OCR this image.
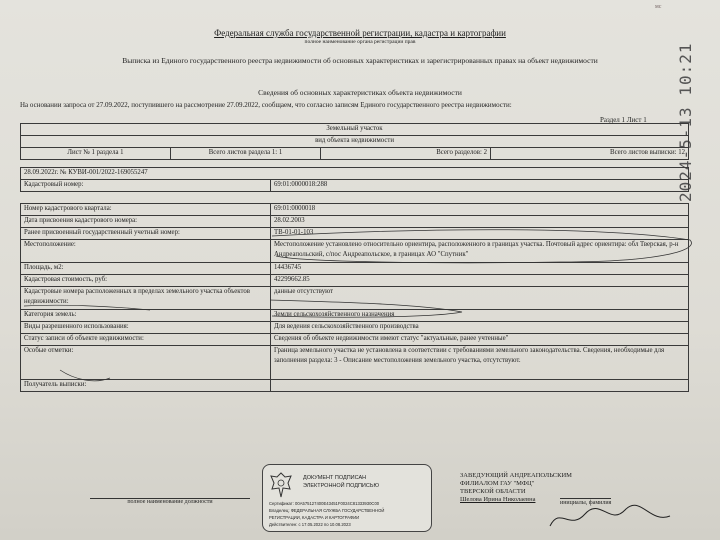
мс
2024-5-13 10:21
Федеральная служба государственной регистрации, кадастра и картографии
полное наименование органа регистрации прав
Выписка из Единого государственного реестра недвижимости об основных характеристиках и зарегистрированных правах на объект недвижимости
Сведения об основных характеристиках объекта недвижимости
На основании запроса от 27.09.2022, поступившего на рассмотрение 27.09.2022, сообщаем, что согласно записям Единого государственного реестра недвижимости:
Раздел 1 Лист 1
Земельный участок
вид объекта недвижимости
Лист № 1 раздела 1	Всего листов раздела 1: 1	Всего разделов: 2	Всего листов выписки: 12
28.09.2022г. № КУВИ-001/2022-169055247
Кадастровый номер:	69:01:0000018:288
Номер кадастрового квартала:	69:01:0000018
Дата присвоения кадастрового номера:	28.02.2003
Ранее присвоенный государственный учетный номер:	ТВ-01-01-103
Местоположение:	Местоположение установлено относительно ориентира, расположенного в границах участка. Почтовый адрес ориентира: обл Тверская, р-н Андреапольский, с/пос Андреапольское, в границах АО "Спутник"
Площадь, м2:	14436745
Кадастровая стоимость, руб:	42299662.85
Кадастровые номера расположенных в пределах земельного участка объектов недвижимости:	данные отсутствуют
Категория земель:	Земли сельскохозяйственного назначения
Виды разрешенного использования:	Для ведения сельскохозяйственного производства
Статус записи об объекте недвижимости:	Сведения об объекте недвижимости имеют статус "актуальные, ранее учтенные"
Особые отметки:	Граница земельного участка не установлена в соответствии с требованиями земельного законодательства. Сведения, необходимые для заполнения раздела: 3 - Описание местоположения земельного участка, отсутствуют.
Получатель выписки:	
ДОКУМЕНТ ПОДПИСАН
ЭЛЕКТРОННОЙ ПОДПИСЬЮ
Сертификат: 00A575127400E43451F0024C81333930C00
Владелец: ФЕДЕРАЛЬНАЯ СЛУЖБА ГОСУДАРСТВЕННОЙ
РЕГИСТРАЦИИ, КАДАСТРА И КАРТОГРАФИИ
Действителен: с 17.05.2022 по 10.08.2023
полное наименование должности
ЗАВЕДУЮЩИЙ АНДРЕАПОЛЬСКИМ
ФИЛИАЛОМ ГАУ "МФЦ"
ТВЕРСКОЙ ОБЛАСТИ
Шелова Ирина Николаевна	инициалы, фамилия
